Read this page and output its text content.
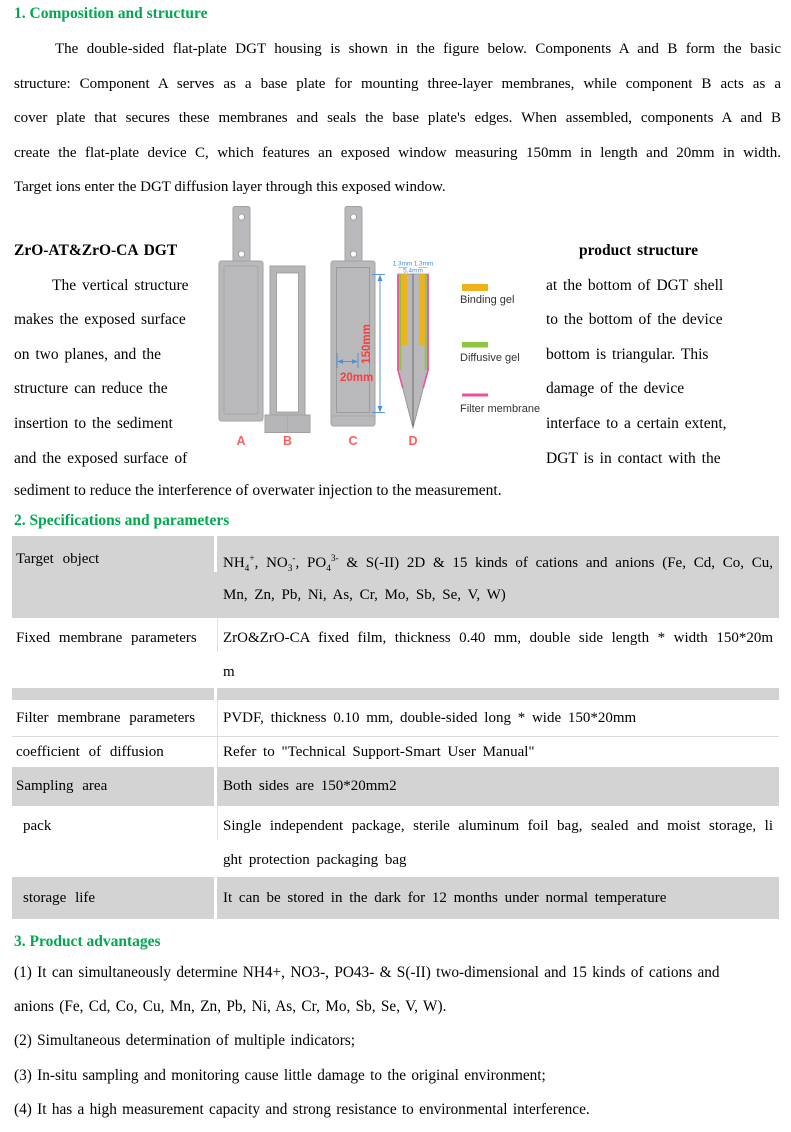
1. Composition and structure
The double-sided flat-plate DGT housing is shown in the figure below. Components A and B form the basic
structure: Component A serves as a base plate for mounting three-layer membranes, while component B acts as a
cover plate that secures these membranes and seals the base plate's edges. When assembled, components A and B
create the flat-plate device C, which features an exposed window measuring 150mm in length and 20mm in width.
Target ions enter the DGT diffusion layer through this exposed window.
ZrO-AT&ZrO-CA DGT
The vertical structure
makes the exposed surface
on two planes, and the
structure can reduce the
insertion to the sediment
and the exposed surface of
product structure
at the bottom of DGT shell
to the bottom of the device
bottom is triangular. This
damage of the device
interface to a certain extent,
DGT is in contact with the
sediment to reduce the interference of overwater injection to the measurement.
150mm
20mm
1.3mm 1.3mm
5.4mm
Binding gel
Diffusive gel
Filter membrane
A	B	C	D
2. Specifications and parameters
Target object	$NH_4^+$, $NO_3^-$, $PO_4^{3-}$ & S(-II) 2D & 15 kinds of cations and anions (Fe, Cd, Co, Cu,
Mn, Zn, Pb, Ni, As, Cr, Mo, Sb, Se, V, W)
Fixed membrane parameters	ZrO&ZrO-CA fixed film, thickness 0.40 mm, double side length * width 150*20m
m
Filter membrane parameters	PVDF, thickness 0.10 mm, double-sided long * wide 150*20mm
coefficient of diffusion	Refer to "Technical Support-Smart User Manual"
Sampling area	Both sides are 150*20mm2
pack	Single independent package, sterile aluminum foil bag, sealed and moist storage, li
ght protection packaging bag
storage life	It can be stored in the dark for 12 months under normal temperature
3. Product advantages
(1) It can simultaneously determine NH4+, NO3-, PO43- & S(-II) two-dimensional and 15 kinds of cations and
anions (Fe, Cd, Co, Cu, Mn, Zn, Pb, Ni, As, Cr, Mo, Sb, Se, V, W).
(2) Simultaneous determination of multiple indicators;
(3) In-situ sampling and monitoring cause little damage to the original environment;
(4) It has a high measurement capacity and strong resistance to environmental interference.
